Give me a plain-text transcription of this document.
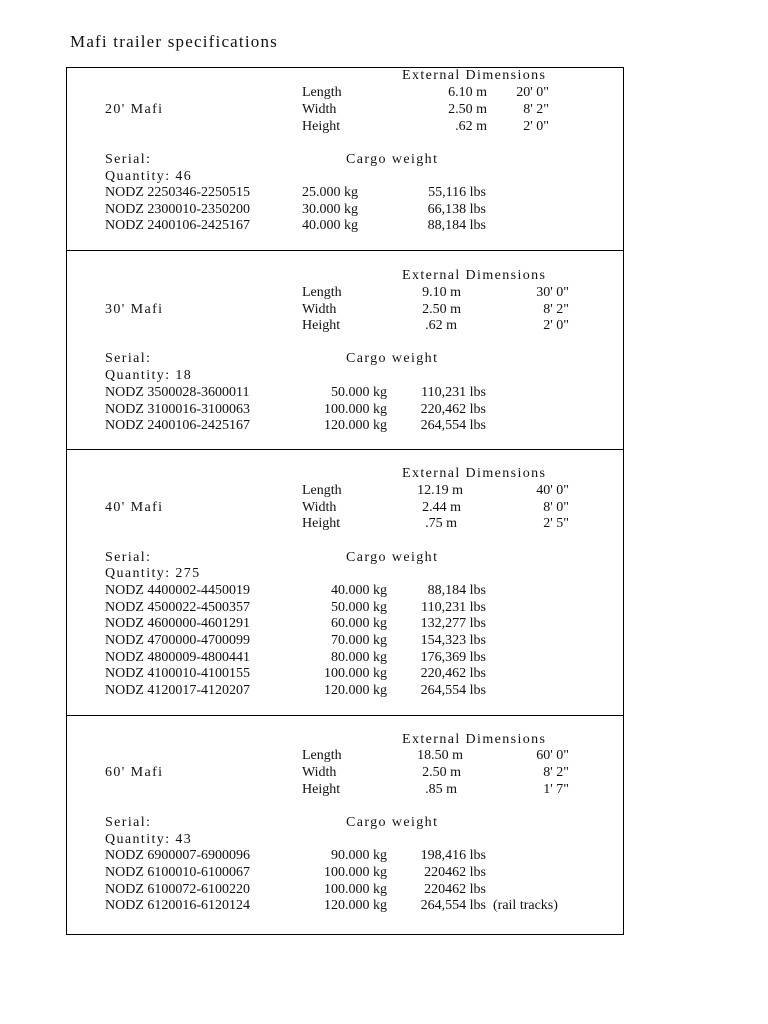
Mafi trailer specifications
External Dimensions
Length	6.10 m 20' 0"
20' Mafi	Width	2.50 m	8' 2"
Height	.62 m	2' 0"
Serial:	Cargo weight
Quantity: 46
NODZ 2250346-2250515	25.000 kg	55,116 lbs
NODZ 2300010-2350200	30.000 kg	66,138 lbs
NODZ 2400106-2425167	40.000 kg	88,184 lbs
External Dimensions
Length	9.10 m	30' 0"
30' Mafi	Width	2.50 m	8' 2"
Height	.62 m	2' 0"
Serial:	Cargo weight
Quantity: 18
NODZ 3500028-3600011	50.000 kg 110,231 lbs
NODZ 3100016-3100063	100.000 kg 220,462 lbs
NODZ 2400106-2425167	120.000 kg 264,554 lbs
External Dimensions
Length	12.19 m	40' 0"
40' Mafi	Width	2.44 m	8' 0"
Height	.75 m	2' 5"
Serial:	Cargo weight
Quantity: 275
NODZ 4400002-4450019	40.000 kg	88,184 lbs
NODZ 4500022-4500357	50.000 kg 110,231 lbs
NODZ 4600000-4601291	60.000 kg 132,277 lbs
NODZ 4700000-4700099	70.000 kg 154,323 lbs
NODZ 4800009-4800441	80.000 kg 176,369 lbs
NODZ 4100010-4100155	100.000 kg 220,462 lbs
NODZ 4120017-4120207	120.000 kg 264,554 lbs
External Dimensions
Length	18.50 m	60' 0"
60' Mafi	Width	2.50 m	8' 2"
Height	.85 m	1' 7"
Serial:	Cargo weight
Quantity: 43
NODZ 6900007-6900096	90.000 kg 198,416 lbs
NODZ 6100010-6100067	100.000 kg	220462 lbs
NODZ 6100072-6100220	100.000 kg	220462 lbs
NODZ 6120016-6120124	120.000 kg 264,554 lbs (rail tracks)
